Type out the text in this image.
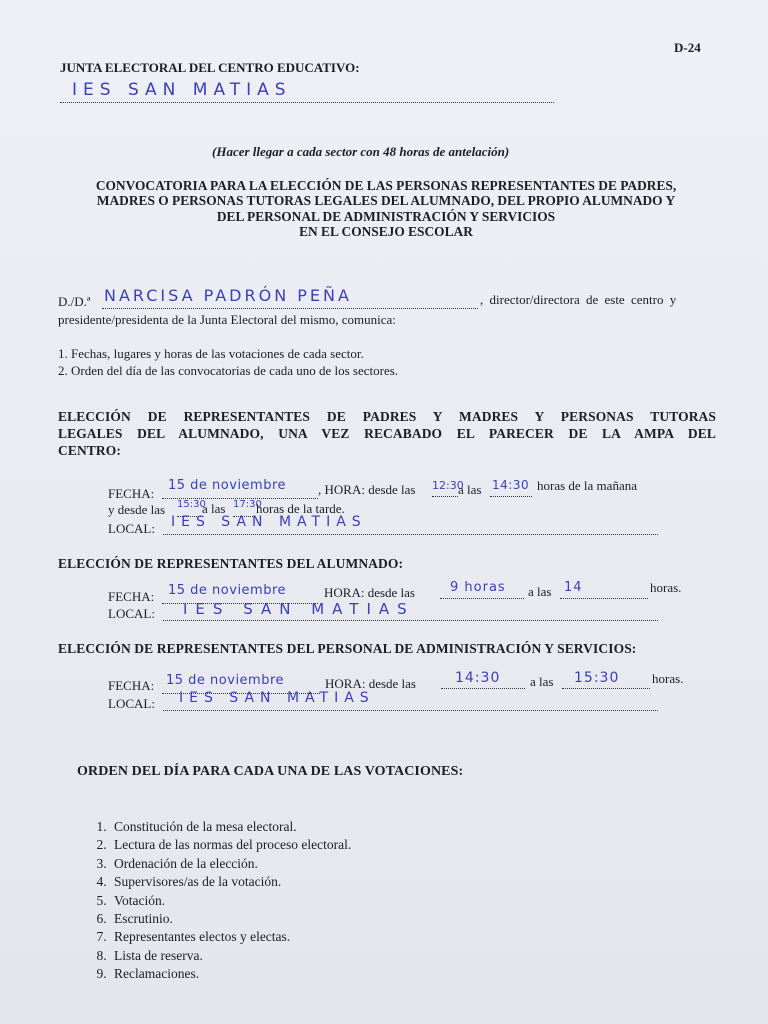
D-24
JUNTA ELECTORAL DEL CENTRO EDUCATIVO:
IES SAN MATIAS
(Hacer llegar a cada sector con 48 horas de antelación)
CONVOCATORIA PARA LA ELECCIÓN DE LAS PERSONAS REPRESENTANTES DE PADRES,
MADRES O PERSONAS TUTORAS LEGALES DEL ALUMNADO, DEL PROPIO ALUMNADO Y
DEL PERSONAL DE ADMINISTRACIÓN Y SERVICIOS
EN EL CONSEJO ESCOLAR
D./D.ª NARCISA PADRÓN PEÑA	, director/directora de este centro y
presidente/presidenta de la Junta Electoral del mismo, comunica:
1. Fechas, lugares y horas de las votaciones de cada sector.
2. Orden del día de las convocatorias de cada uno de los sectores.
ELECCIÓN DE REPRESENTANTES DE PADRES Y MADRES Y PERSONAS TUTORAS
LEGALES DEL ALUMNADO, UNA VEZ RECABADO EL PARECER DE LA AMPA DEL
CENTRO:
FECHA:
15 de noviembre , HORA: desde las 12:30
a las 14:30 horas de la mañana
y desde las 15:30
a las 17:30
horas de la tarde.
LOCAL: IES SAN MATIAS
ELECCIÓN DE REPRESENTANTES DEL ALUMNADO:
FECHA: 15 de noviembre	HORA: desde las	9 horas a las 14	horas.
LOCAL: IES SAN MATIAS
ELECCIÓN DE REPRESENTANTES DEL PERSONAL DE ADMINISTRACIÓN Y SERVICIOS:
FECHA: 15 de noviembre	HORA: desde las	14:30 a las 15:30	horas.
LOCAL: IES SAN MATIAS
ORDEN DEL DÍA PARA CADA UNA DE LAS VOTACIONES:
1. Constitución de la mesa electoral.
2. Lectura de las normas del proceso electoral.
3. Ordenación de la elección.
4. Supervisores/as de la votación.
5. Votación.
6. Escrutinio.
7. Representantes electos y electas.
8. Lista de reserva.
9. Reclamaciones.
